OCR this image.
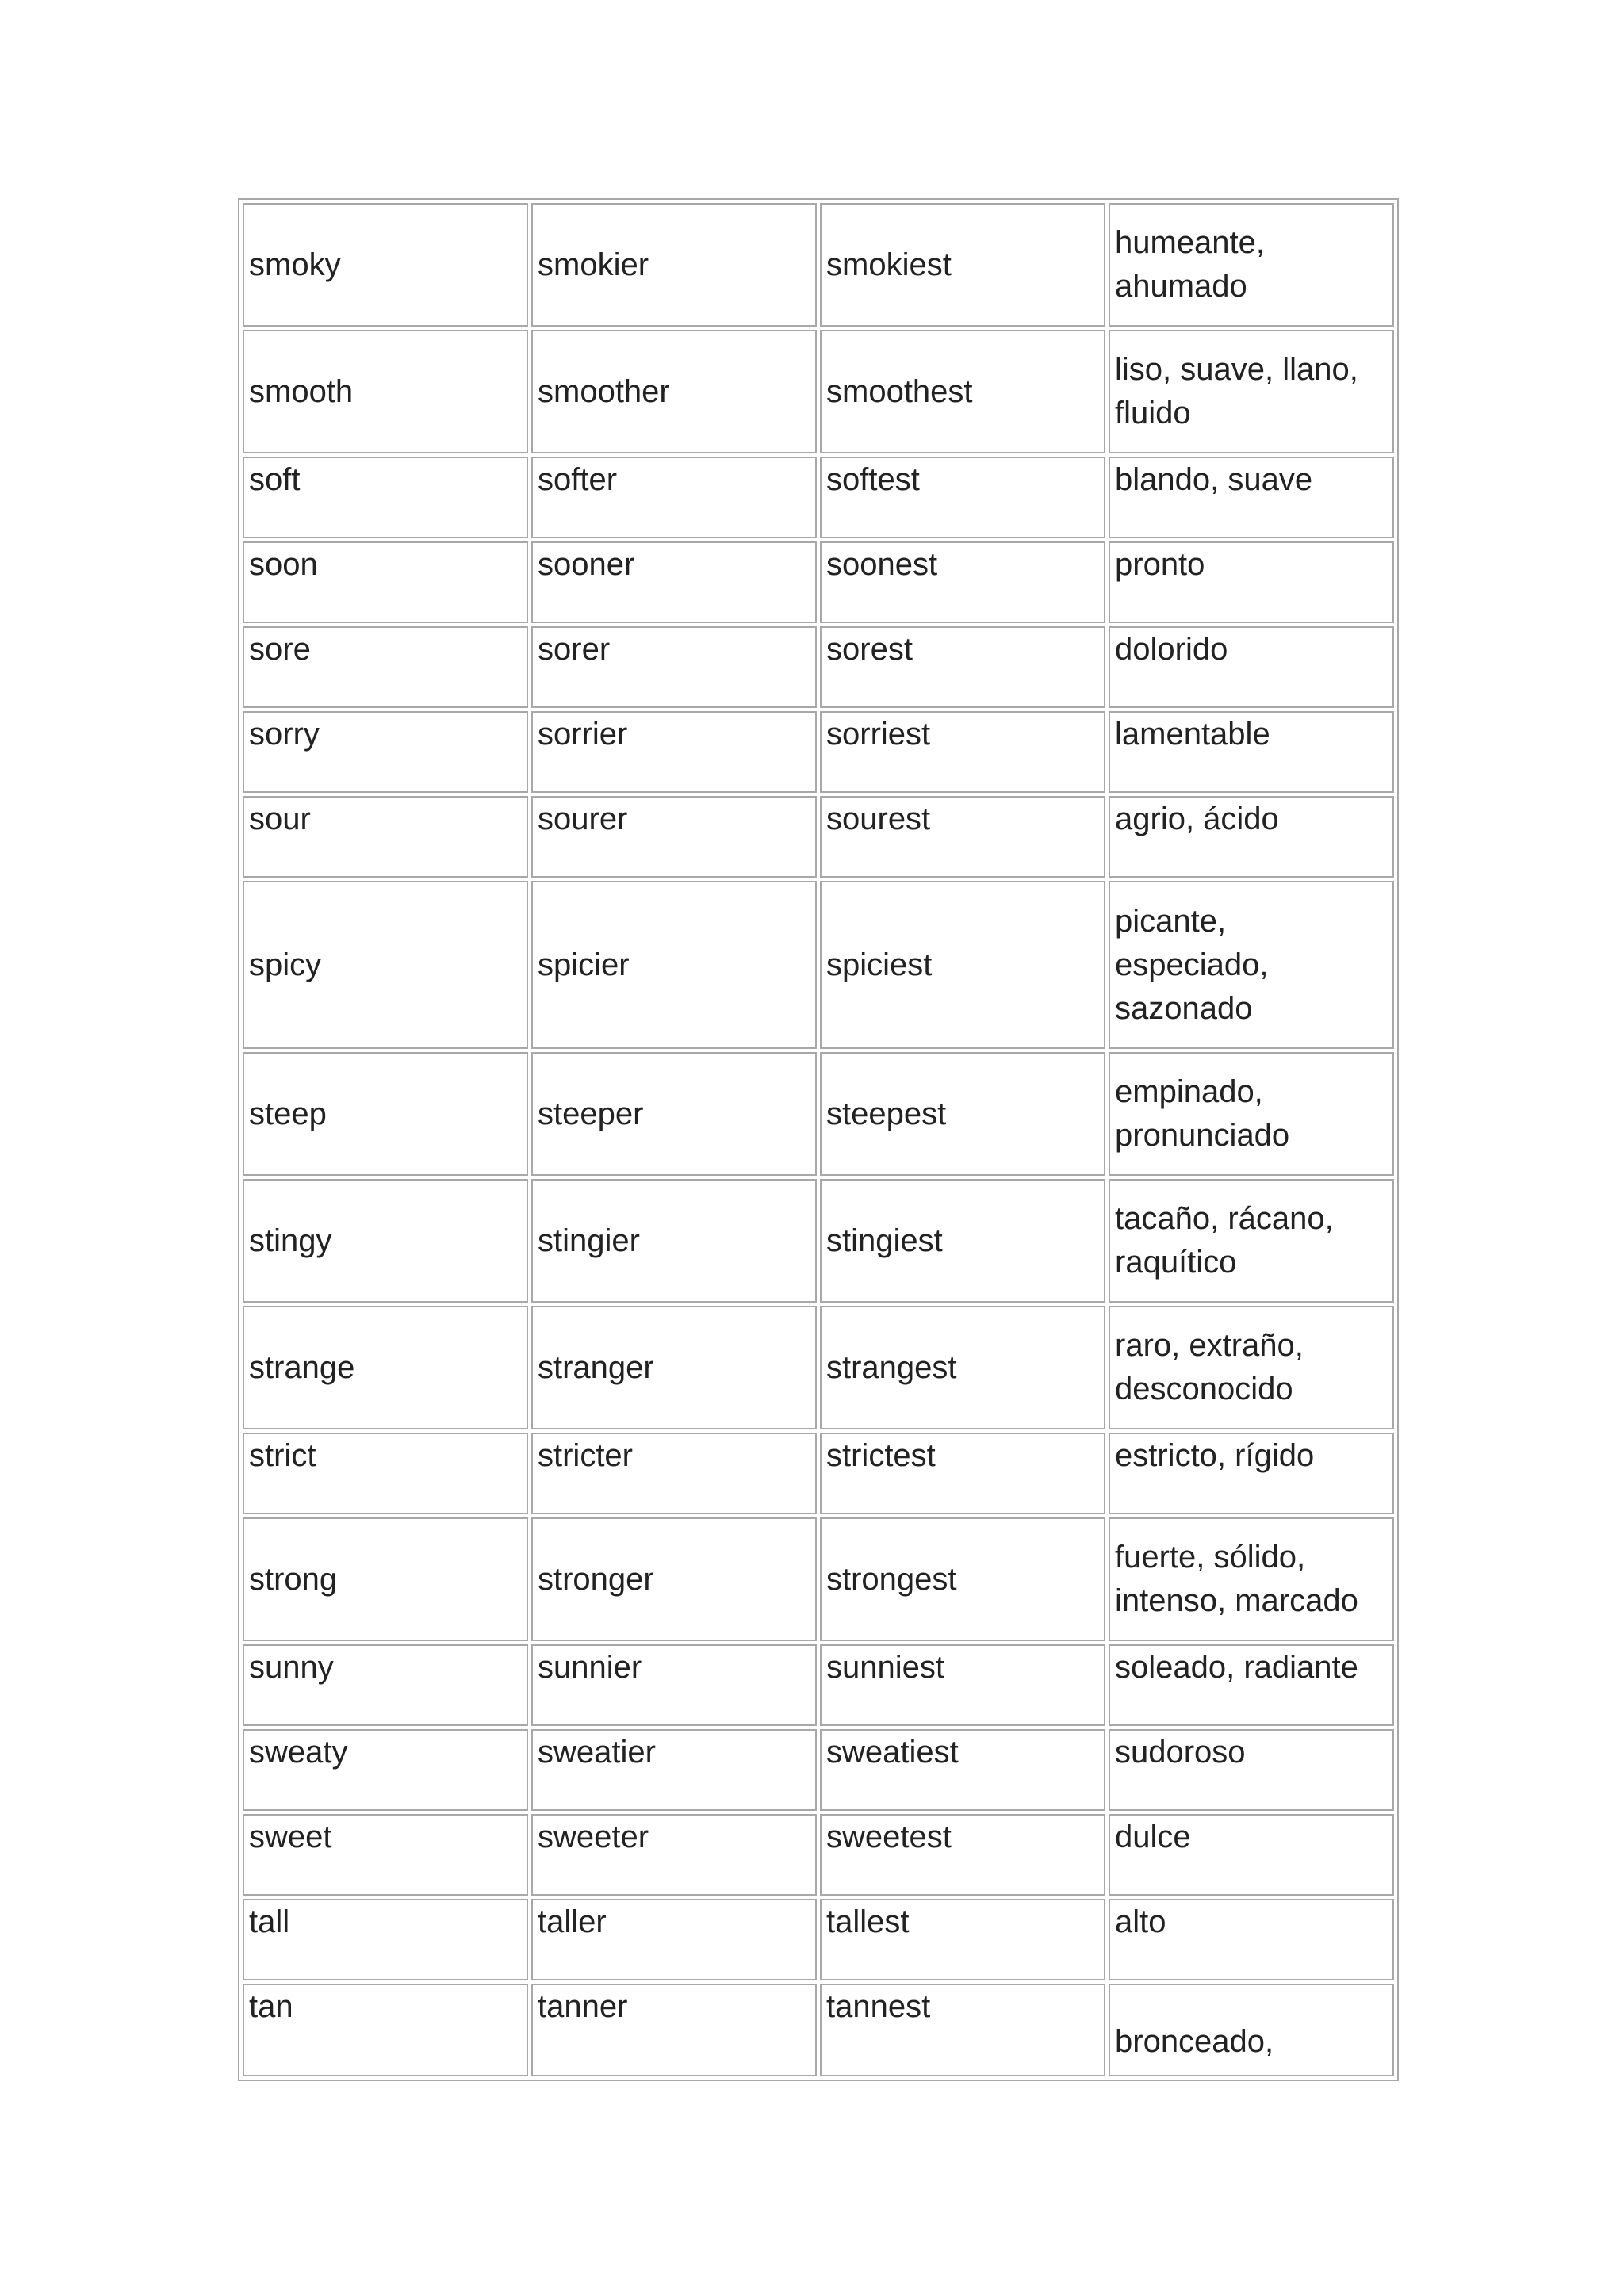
smoky	smokier	smokiest	humeante, ahumado
smooth	smoother	smoothest	liso, suave, llano, fluido
soft	softer	softest	blando, suave
soon	sooner	soonest	pronto
sore	sorer	sorest	dolorido
sorry	sorrier	sorriest	lamentable
sour	sourer	sourest	agrio, ácido
spicy	spicier	spiciest	picante, especiado, sazonado
steep	steeper	steepest	empinado, pronunciado
stingy	stingier	stingiest	tacaño, rácano, raquítico
strange	stranger	strangest	raro, extraño, desconocido
strict	stricter	strictest	estricto, rígido
strong	stronger	strongest	fuerte, sólido, intenso, marcado
sunny	sunnier	sunniest	soleado, radiante
sweaty	sweatier	sweatiest	sudoroso
sweet	sweeter	sweetest	dulce
tall	taller	tallest	alto
tan	tanner	tannest	bronceado,
